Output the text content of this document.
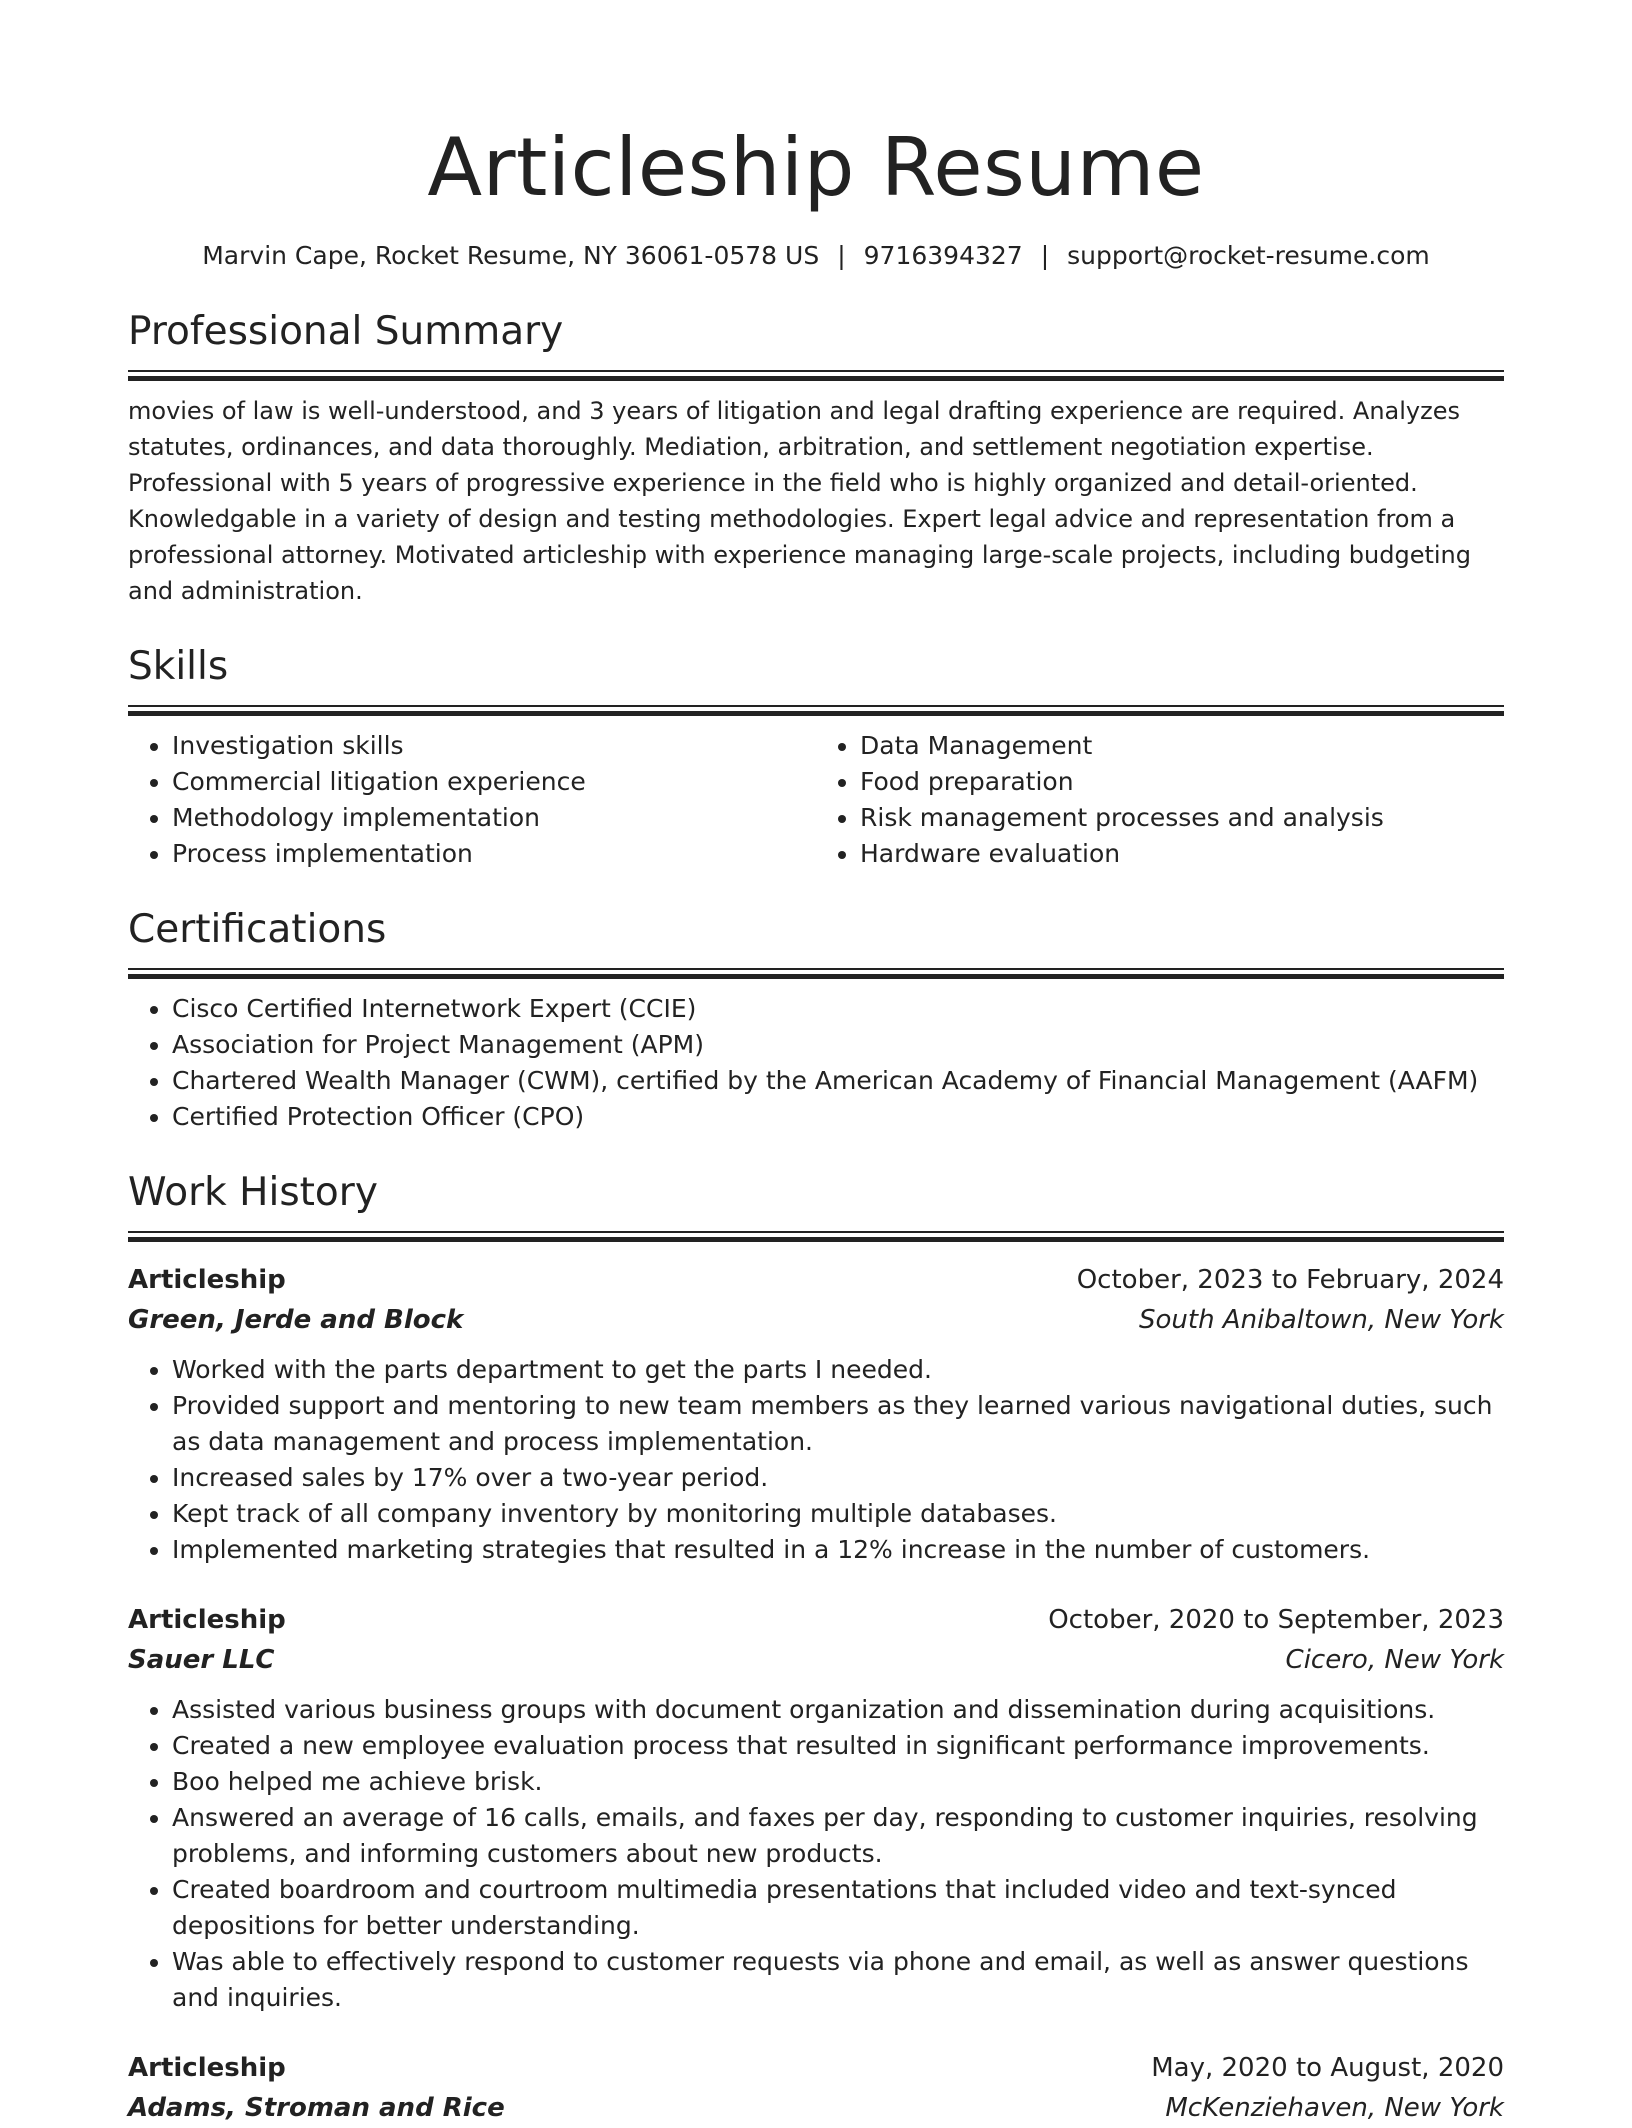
Articleship Resume
Marvin Cape, Rocket Resume, NY 36061-0578 US | 9716394327 | support@rocket-resume.com
Professional Summary

movies of law is well-understood, and 3 years of litigation and legal drafting experience are required. Analyzes statutes, ordinances, and data thoroughly. Mediation, arbitration, and settlement negotiation expertise. Professional with 5 years of progressive experience in the field who is highly organized and detail-oriented. Knowledgable in a variety of design and testing methodologies. Expert legal advice and representation from a professional attorney. Motivated articleship with experience managing large-scale projects, including budgeting and administration.

Skills
• Investigation skills
• Commercial litigation experience
• Methodology implementation
• Process implementation
• Data Management
• Food preparation
• Risk management processes and analysis
• Hardware evaluation
Certifications
• Cisco Certified Internetwork Expert (CCIE)
• Association for Project Management (APM)
• Chartered Wealth Manager (CWM), certified by the American Academy of Financial Management (AAFM)
• Certified Protection Officer (CPO)
Work History
Articleship	October, 2023 to February, 2024
Green, Jerde and Block	South Anibaltown, New York
• Worked with the parts department to get the parts I needed.
• Provided support and mentoring to new team members as they learned various navigational duties, such as data management and process implementation.
• Increased sales by 17% over a two-year period.
• Kept track of all company inventory by monitoring multiple databases.
• Implemented marketing strategies that resulted in a 12% increase in the number of customers.
Articleship	October, 2020 to September, 2023
Sauer LLC	Cicero, New York
• Assisted various business groups with document organization and dissemination during acquisitions.
• Created a new employee evaluation process that resulted in significant performance improvements.
• Boo helped me achieve brisk.
• Answered an average of 16 calls, emails, and faxes per day, responding to customer inquiries, resolving problems, and informing customers about new products.
• Created boardroom and courtroom multimedia presentations that included video and text-synced depositions for better understanding.
• Was able to effectively respond to customer requests via phone and email, as well as answer questions and inquiries.
Articleship	May, 2020 to August, 2020
Adams, Stroman and Rice	McKenziehaven, New York
